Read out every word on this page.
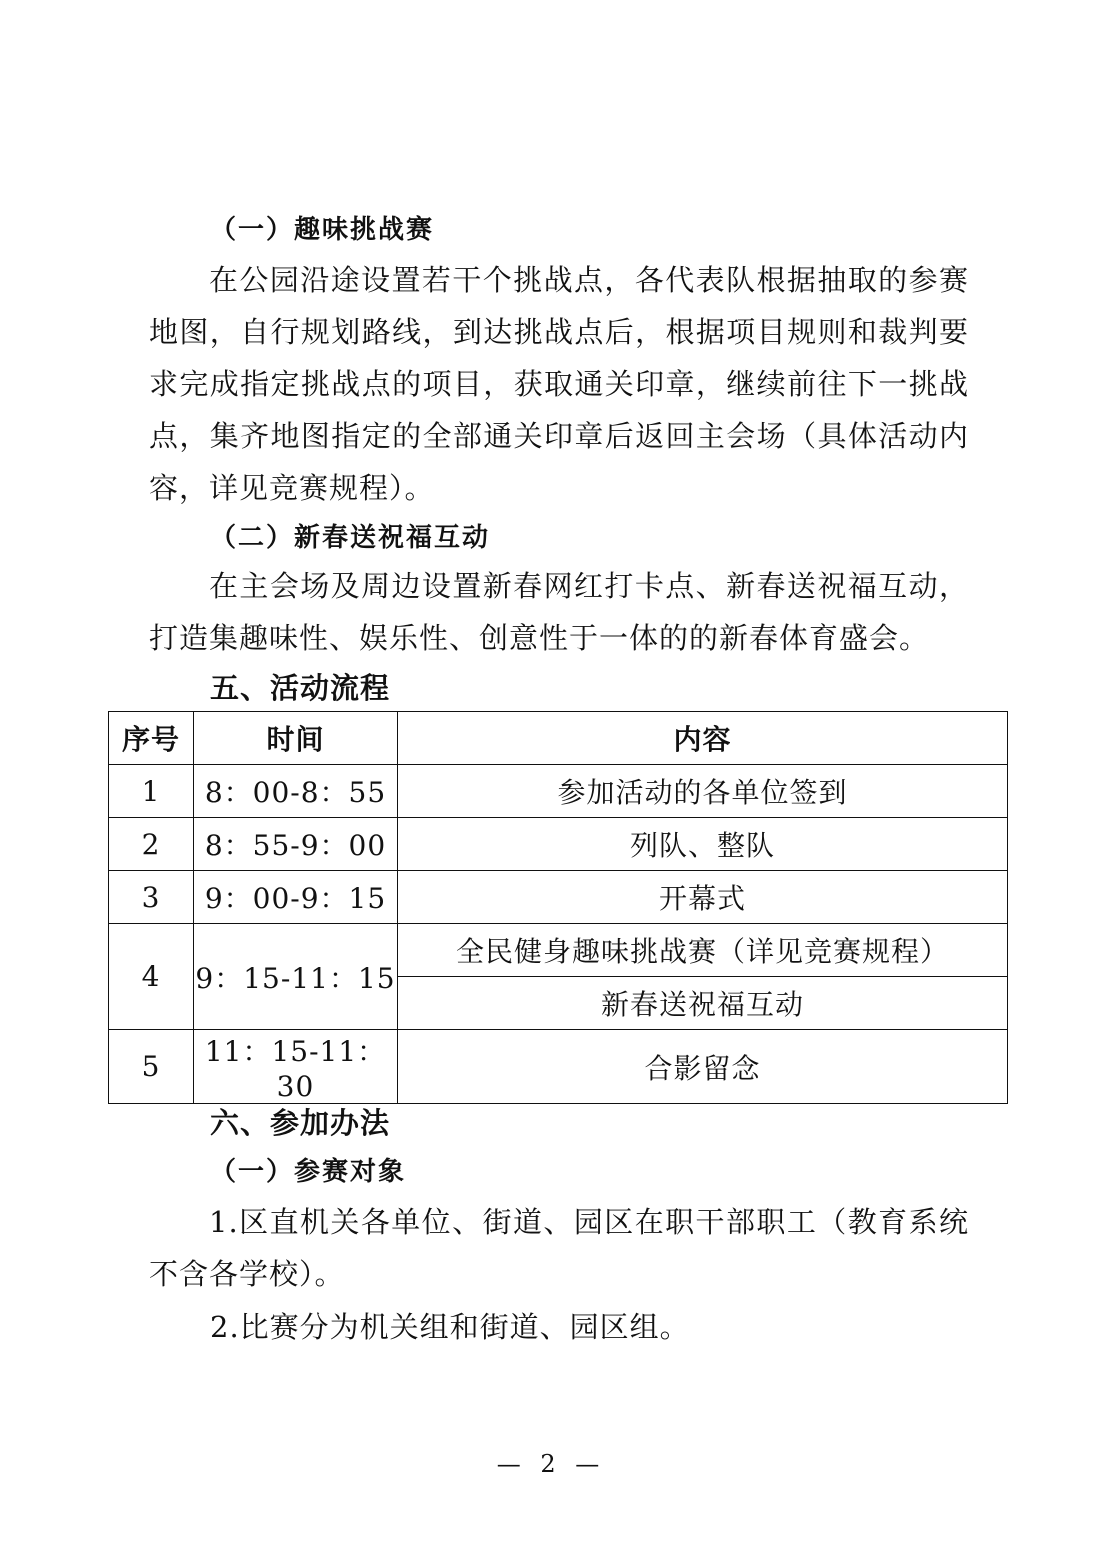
（一）趣味挑战赛

在公园沿途设置若干个挑战点，各代表队根据抽取的参赛地图，自行规划路线，到达挑战点后，根据项目规则和裁判要求完成指定挑战点的项目，获取通关印章，继续前往下一挑战点，集齐地图指定的全部通关印章后返回主会场（具体活动内容，详见竞赛规程）。

（二）新春送祝福互动

在主会场及周边设置新春网红打卡点、新春送祝福互动，打造集趣味性、娱乐性、创意性于一体的的新春体育盛会。

五、活动流程
序号	时间	内容
1	8：00-8：55	参加活动的各单位签到
2	8：55-9：00	列队、整队
3	9：00-9：15	开幕式
4	9：15-11：15	全民健身趣味挑战赛（详见竞赛规程）
		新春送祝福互动
5	11：15-11：30	合影留念
六、参加办法
（一）参赛对象

1.区直机关各单位、街道、园区在职干部职工（教育系统不含各学校）。

2.比赛分为机关组和街道、园区组。
— 2 —
